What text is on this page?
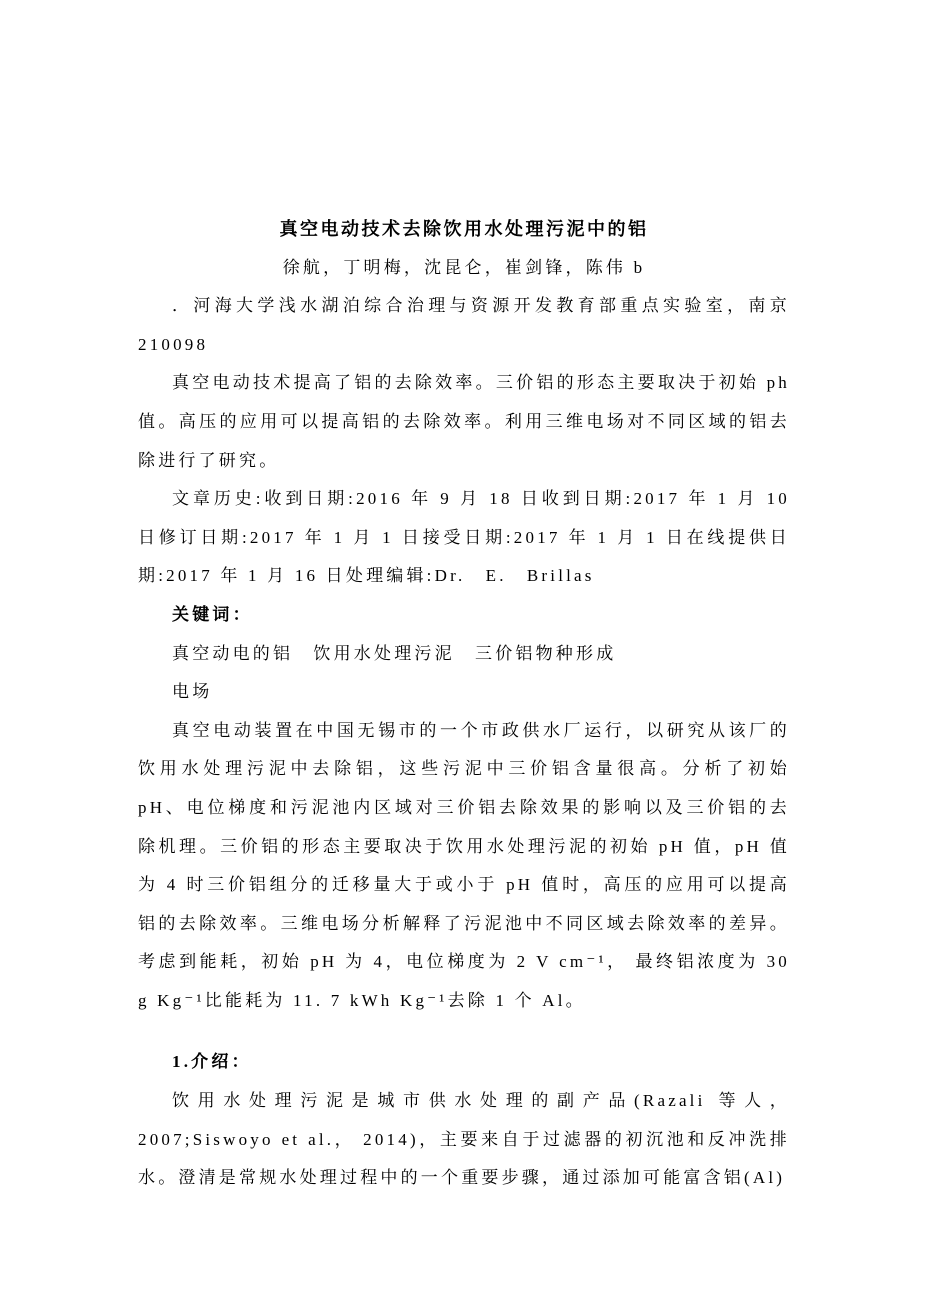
真空电动技术去除饮用水处理污泥中的铝

徐航，丁明梅，沈昆仑，崔剑锋，陈伟 b

．河海大学浅水湖泊综合治理与资源开发教育部重点实验室，南京 210098

真空电动技术提高了铝的去除效率。三价铝的形态主要取决于初始 ph 值。高压的应用可以提高铝的去除效率。利用三维电场对不同区域的铝去除进行了研究。

文章历史:收到日期:2016 年 9 月 18 日收到日期:2017 年 1 月 10 日修订日期:2017 年 1 月 1 日接受日期:2017 年 1 月 1 日在线提供日期:2017 年 1 月 16 日处理编辑:Dr.　E.　Brillas

关键词：

真空动电的铝　饮用水处理污泥　三价铝物种形成

电场

真空电动装置在中国无锡市的一个市政供水厂运行，以研究从该厂的饮用水处理污泥中去除铝，这些污泥中三价铝含量很高。分析了初始 pH、电位梯度和污泥池内区域对三价铝去除效果的影响以及三价铝的去除机理。三价铝的形态主要取决于饮用水处理污泥的初始 pH 值，pH 值为 4 时三价铝组分的迁移量大于或小于 pH 值时，高压的应用可以提高铝的去除效率。三维电场分析解释了污泥池中不同区域去除效率的差异。考虑到能耗，初始 pH 为 4，电位梯度为 2 V cm⁻¹， 最终铝浓度为 30 g Kg⁻¹比能耗为 11. 7 kWh Kg⁻¹去除 1 个 Al。

1.介绍：

饮用水处理污泥是城市供水处理的副产品(Razali 等人，2007;Siswoyo et al.， 2014)，主要来自于过滤器的初沉池和反冲洗排水。澄清是常规水处理过程中的一个重要步骤，通过添加可能富含铝(Al)
